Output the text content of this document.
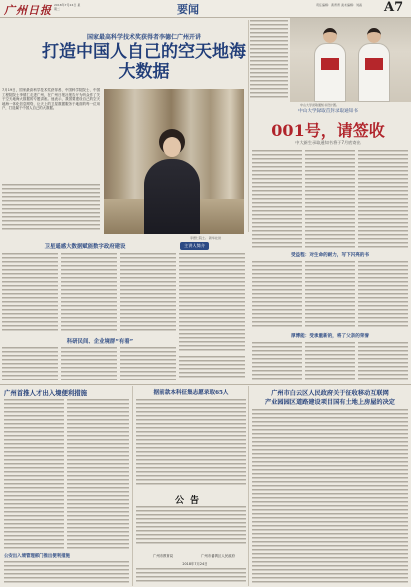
广州日报 2018年7月24日 星期二	要闻	责任编辑：黄青青 美术编辑：刘淼	A7
国家最高科学技术奖获得者李德仁广州开讲
打造中国人自己的空天地海大数据
7月19日，国家最高科学技术奖获得者、中国科学院院士、中国工程院院士李德仁走进广州，在广州日报社报告厅为听众作了关于空天地海大数据的专题讲座。他表示，我国要建设自己的空天地海一体化信息网络，让天上的卫星数据服务于地面的每一位用户，打造属于中国人自己的大数据。
李德仁院士。 新华社供
卫星遥感大数据赋能数字政府建设	主讲人简介
科研民间、企业境群“有着”
中山大学录取通知书设计图。
中山大学録取首封录取通知书
001号，请签收
中大新生录取通知书将于7月底寄出
受益程：对生命的耐力，写下闪亮的书
厚博能：受承重新的，将了父亲的荣誉
广州首推人才出入境便利措施
公安出入境管理部门推出便利措施
据前款本科征集志愿录取65人
公告
广州市教育局	广州市番禺区人民政府
2018年7月24日
广州市白云区人民政府关于征收移动互联网
产业园园区道路建设项目国有土地上房屋的决定
